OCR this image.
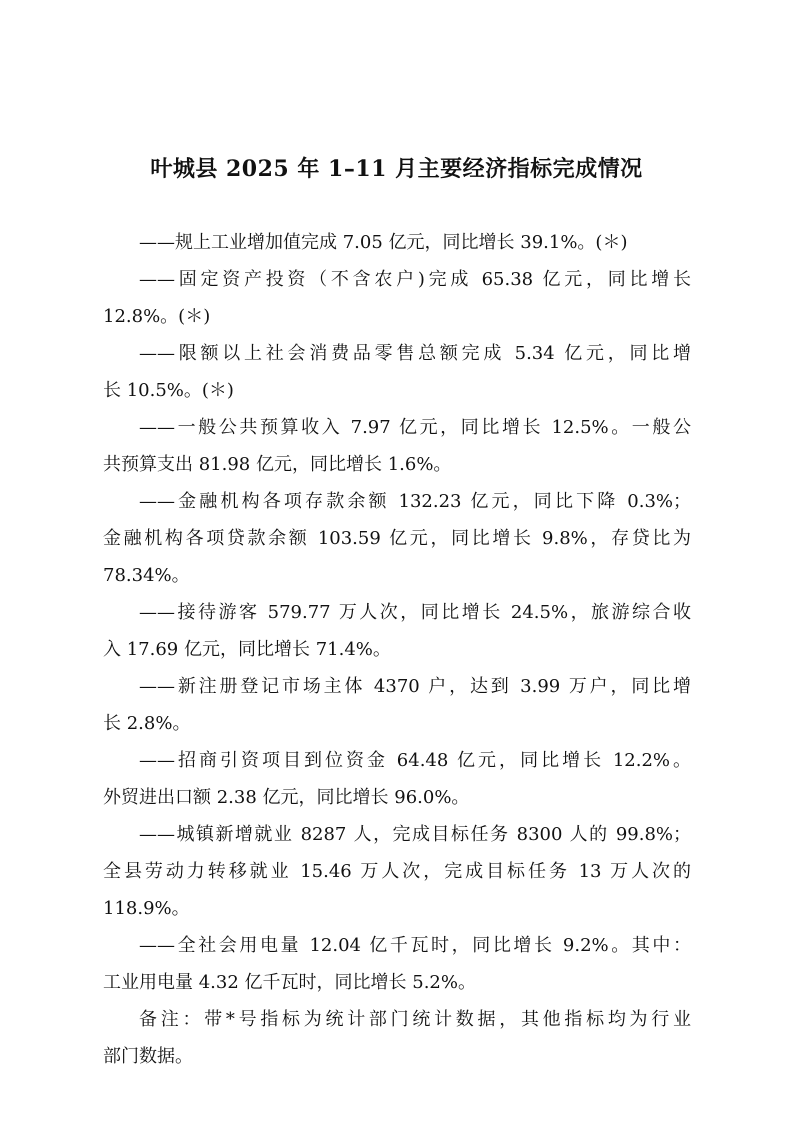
叶城县 2025 年 1–11 月主要经济指标完成情况

——规上工业增加值完成 7.05 亿元，同比增长 39.1%。(＊)

——固定资产投资（不含农户)完成 65.38 亿元，同比增长
12.8%。(＊)

——限额以上社会消费品零售总额完成 5.34 亿元，同比增
长 10.5%。(＊)

——一般公共预算收入 7.97 亿元，同比增长 12.5%。一般公
共预算支出 81.98 亿元，同比增长 1.6%。

——金融机构各项存款余额 132.23 亿元，同比下降 0.3%；
金融机构各项贷款余额 103.59 亿元，同比增长 9.8%，存贷比为
78.34%。

——接待游客 579.77 万人次，同比增长 24.5%，旅游综合收
入 17.69 亿元，同比增长 71.4%。

——新注册登记市场主体 4370 户，达到 3.99 万户，同比增
长 2.8%。

——招商引资项目到位资金 64.48 亿元，同比增长 12.2%。
外贸进出口额 2.38 亿元，同比增长 96.0%。

——城镇新增就业 8287 人，完成目标任务 8300 人的 99.8%；
全县劳动力转移就业 15.46 万人次，完成目标任务 13 万人次的
118.9%。

——全社会用电量 12.04 亿千瓦时，同比增长 9.2%。其中：
工业用电量 4.32 亿千瓦时，同比增长 5.2%。

备注：带*号指标为统计部门统计数据，其他指标均为行业
部门数据。
